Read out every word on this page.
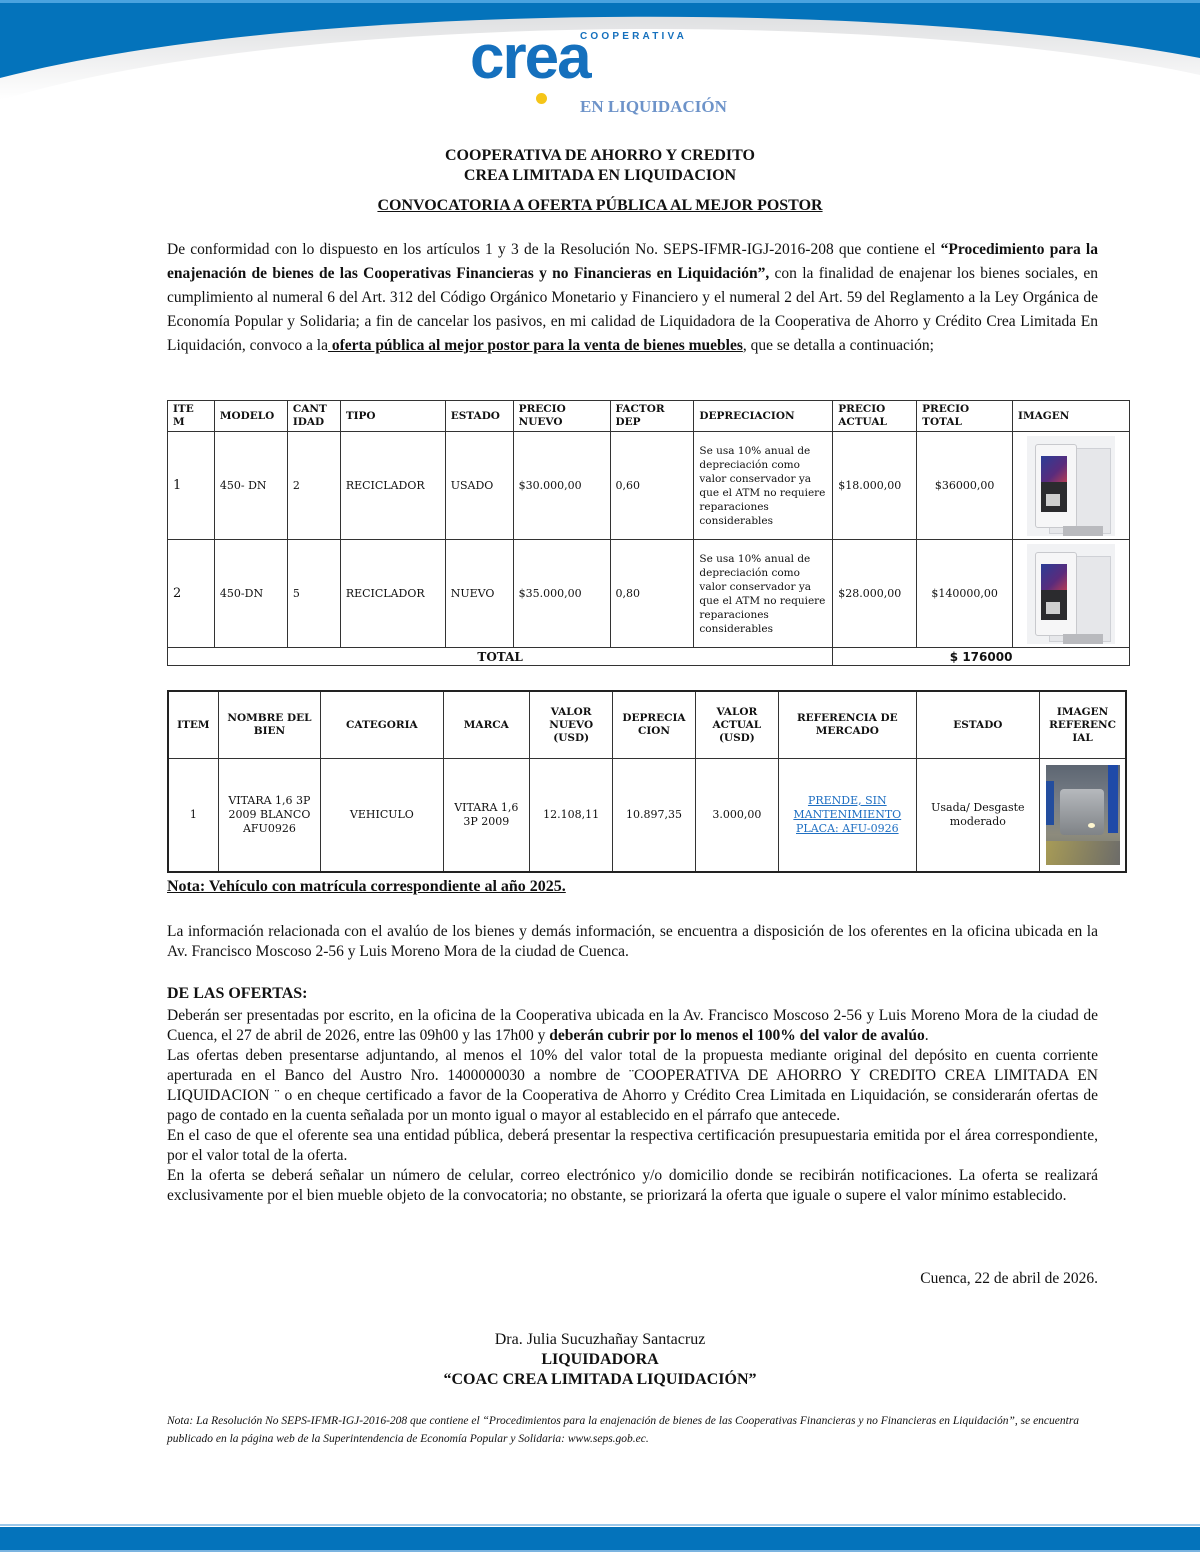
COOPERATIVA
crea
EN LIQUIDACIÓN
COOPERATIVA DE AHORRO Y CREDITO
CREA LIMITADA EN LIQUIDACION
CONVOCATORIA A OFERTA PÚBLICA AL MEJOR POSTOR
De conformidad con lo dispuesto en los artículos 1 y 3 de la Resolución No. SEPS-IFMR-IGJ-2016-208 que contiene el “Procedimiento para la enajenación de bienes de las Cooperativas Financieras y no Financieras en Liquidación”, con la finalidad de enajenar los bienes sociales, en cumplimiento al numeral 6 del Art. 312 del Código Orgánico Monetario y Financiero y el numeral 2 del Art. 59 del Reglamento a la Ley Orgánica de Economía Popular y Solidaria; a fin de cancelar los pasivos, en mi calidad de Liquidadora de la Cooperativa de Ahorro y Crédito Crea Limitada En Liquidación, convoco a la oferta pública al mejor postor para la venta de bienes muebles, que se detalla a continuación;
ITE M	MODELO	CANT IDAD	TIPO	ESTADO	PRECIO NUEVO	FACTOR DEP	DEPRECIACION	PRECIO ACTUAL	PRECIO TOTAL	IMAGEN
1	450- DN	2	RECICLADOR	USADO	$30.000,00	0,60	Se usa 10% anual de depreciación como valor conservador ya que el ATM no requiere reparaciones considerables	$18.000,00	$36000,00	

2	450-DN	5	RECICLADOR	NUEVO	$35.000,00	0,80	Se usa 10% anual de depreciación como valor conservador ya que el ATM no requiere reparaciones considerables	$28.000,00	$140000,00	

TOTAL								$ 176000		
ITEM	NOMBRE DEL BIEN	CATEGORIA	MARCA	VALOR NUEVO (USD)	DEPRECIA CION	VALOR ACTUAL (USD)	REFERENCIA DE MERCADO	ESTADO	IMAGEN REFERENC IAL
1	VITARA 1,6 3P 2009 BLANCO AFU0926	VEHICULO	VITARA 1,6 3P 2009	12.108,11	10.897,35	3.000,00	PRENDE, SIN MANTENIMIENTO PLACA: AFU-0926	Usada/ Desgaste moderado	
Nota: Vehículo con matrícula correspondiente al año 2025.
La información relacionada con el avalúo de los bienes y demás información, se encuentra a disposición de los oferentes en la oficina ubicada en la Av. Francisco Moscoso 2-56 y Luis Moreno Mora de la ciudad de Cuenca.
DE LAS OFERTAS:
Deberán ser presentadas por escrito, en la oficina de la Cooperativa ubicada en la Av. Francisco Moscoso 2-56 y Luis Moreno Mora de la ciudad de Cuenca, el 27 de abril de 2026, entre las 09h00 y las 17h00 y deberán cubrir por lo menos el 100% del valor de avalúo.
Las ofertas deben presentarse adjuntando, al menos el 10% del valor total de la propuesta mediante original del depósito en cuenta corriente aperturada en el Banco del Austro Nro. 1400000030 a nombre de ¨COOPERATIVA DE AHORRO Y CREDITO CREA LIMITADA EN LIQUIDACION ¨ o en cheque certificado a favor de la Cooperativa de Ahorro y Crédito Crea Limitada en Liquidación, se considerarán ofertas de pago de contado en la cuenta señalada por un monto igual o mayor al establecido en el párrafo que antecede.
En el caso de que el oferente sea una entidad pública, deberá presentar la respectiva certificación presupuestaria emitida por el área correspondiente, por el valor total de la oferta.
En la oferta se deberá señalar un número de celular, correo electrónico y/o domicilio donde se recibirán notificaciones. La oferta se realizará exclusivamente por el bien mueble objeto de la convocatoria; no obstante, se priorizará la oferta que iguale o supere el valor mínimo establecido.
Cuenca, 22 de abril de 2026.
Dra. Julia Sucuzhañay Santacruz
LIQUIDADORA
“COAC CREA LIMITADA LIQUIDACIÓN”
Nota: La Resolución No SEPS-IFMR-IGJ-2016-208 que contiene el “Procedimientos para la enajenación de bienes de las Cooperativas Financieras y no Financieras en Liquidación”, se encuentra publicado en la página web de la Superintendencia de Economía Popular y Solidaria: www.seps.gob.ec.
